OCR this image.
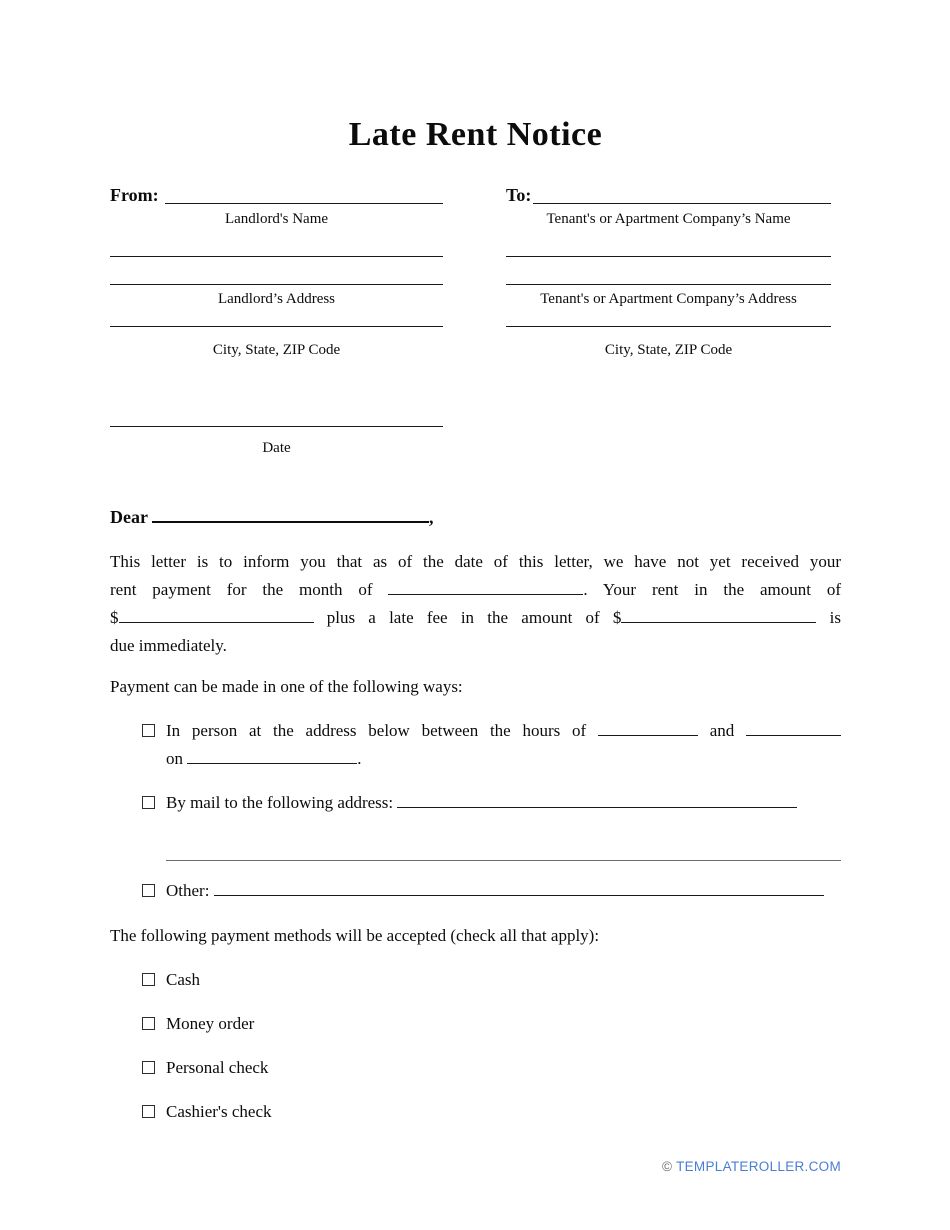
Late Rent Notice
From:
Landlord's Name
Landlord’s Address
City, State, ZIP Code
Date
To:
Tenant's or Apartment Company’s Name
Tenant's or Apartment Company’s Address
City, State, ZIP Code
Dear	,
This letter is to inform you that as of the date of this letter, we have not yet received your
rent payment for the month of	. Your rent in the amount of
$	plus a late fee in the amount of $	is
due immediately.
Payment can be made in one of the following ways:
In person at the address below between the hours of	and
on	.
By mail to the following address:
Other:
The following payment methods will be accepted (check all that apply):
Cash
Money order
Personal check
Cashier's check
© TEMPLATEROLLER.COM
